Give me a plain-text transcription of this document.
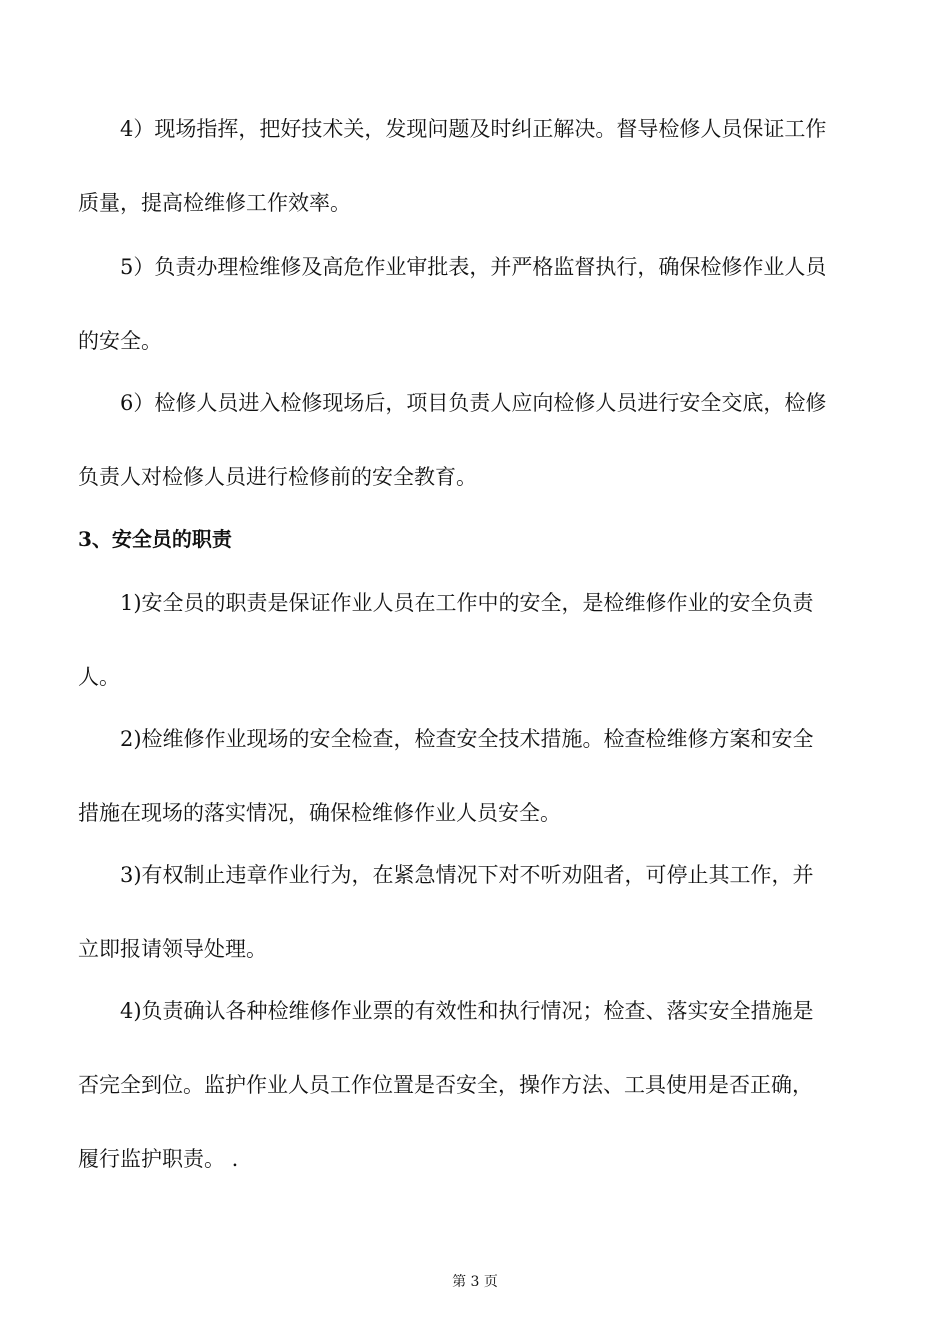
4）现场指挥，把好技术关，发现问题及时纠正解决。督导检修人员保证工作
质量，提高检维修工作效率。
5）负责办理检维修及高危作业审批表，并严格监督执行，确保检修作业人员
的安全。
6）检修人员进入检修现场后，项目负责人应向检修人员进行安全交底，检修
负责人对检修人员进行检修前的安全教育。
3、安全员的职责
1)安全员的职责是保证作业人员在工作中的安全，是检维修作业的安全负责
人。
2)检维修作业现场的安全检查，检查安全技术措施。检查检维修方案和安全
措施在现场的落实情况，确保检维修作业人员安全。
3)有权制止违章作业行为，在紧急情况下对不听劝阻者，可停止其工作，并
立即报请领导处理。
4)负责确认各种检维修作业票的有效性和执行情况；检查、落实安全措施是
否完全到位。监护作业人员工作位置是否安全，操作方法、工具使用是否正确，
履行监护职责。 .
第 3 页
